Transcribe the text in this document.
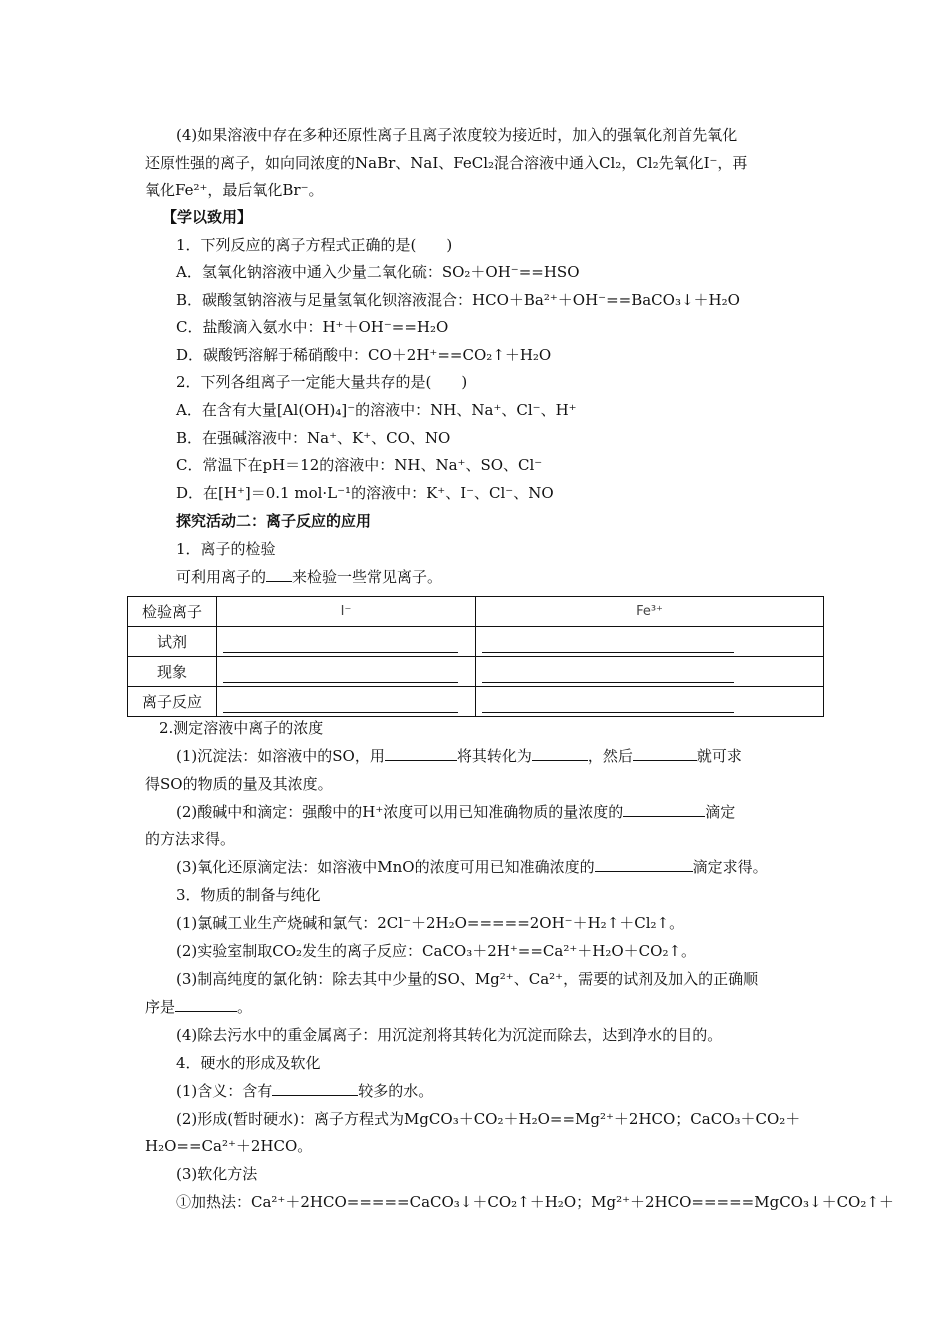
(4)如果溶液中存在多种还原性离子且离子浓度较为接近时，加入的强氧化剂首先氧化
还原性强的离子，如向同浓度的NaBr、NaI、FeCl₂混合溶液中通入Cl₂，Cl₂先氧化I⁻，再
氧化Fe²⁺，最后氧化Br⁻。
【学以致用】
1．下列反应的离子方程式正确的是(　　)
A．氢氧化钠溶液中通入少量二氧化硫：SO₂＋OH⁻==HSO
B．碳酸氢钠溶液与足量氢氧化钡溶液混合：HCO＋Ba²⁺＋OH⁻==BaCO₃↓＋H₂O
C．盐酸滴入氨水中：H⁺＋OH⁻==H₂O
D．碳酸钙溶解于稀硝酸中：CO＋2H⁺==CO₂↑＋H₂O
2．下列各组离子一定能大量共存的是(　　)
A．在含有大量[Al(OH)₄]⁻的溶液中：NH、Na⁺、Cl⁻、H⁺
B．在强碱溶液中：Na⁺、K⁺、CO、NO
C．常温下在pH＝12的溶液中：NH、Na⁺、SO、Cl⁻
D．在[H⁺]＝0.1 mol·L⁻¹的溶液中：K⁺、I⁻、Cl⁻、NO
探究活动二：离子反应的应用
1．离子的检验
可利用离子的 来检验一些常见离子。
检验离子	I⁻	Fe³⁺
试剂	

现象	

离子反应	

2.测定溶液中离子的浓度
(1)沉淀法：如溶液中的SO，用	将其转化为	，然后	就可求
得SO的物质的量及其浓度。
(2)酸碱中和滴定：强酸中的H⁺浓度可以用已知准确物质的量浓度的	滴定
的方法求得。
(3)氧化还原滴定法：如溶液中MnO的浓度可用已知准确浓度的	滴定求得。
3．物质的制备与纯化
(1)氯碱工业生产烧碱和氯气：2Cl⁻＋2H₂O=====2OH⁻＋H₂↑＋Cl₂↑。
(2)实验室制取CO₂发生的离子反应：CaCO₃＋2H⁺==Ca²⁺＋H₂O＋CO₂↑。
(3)制高纯度的氯化钠：除去其中少量的SO、Mg²⁺、Ca²⁺，需要的试剂及加入的正确顺
序是	。
(4)除去污水中的重金属离子：用沉淀剂将其转化为沉淀而除去，达到净水的目的。
4．硬水的形成及软化
(1)含义：含有	较多的水。
(2)形成(暂时硬水)：离子方程式为MgCO₃＋CO₂＋H₂O==Mg²⁺＋2HCO；CaCO₃＋CO₂＋
H₂O==Ca²⁺＋2HCO。
(3)软化方法
①加热法：Ca²⁺＋2HCO=====CaCO₃↓＋CO₂↑＋H₂O；Mg²⁺＋2HCO=====MgCO₃↓＋CO₂↑＋
